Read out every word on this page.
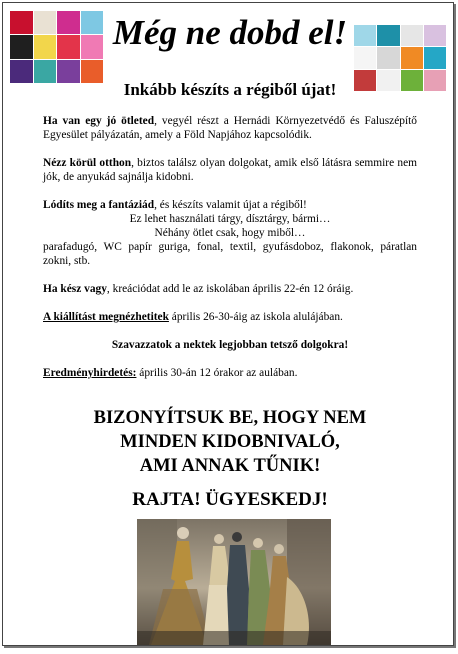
Még ne dobd el!
Inkább készíts a régiből újat!

Ha van egy jó ötleted, vegyél részt a Hernádi Környezetvédő és Faluszépítő Egyesület pályázatán, amely a Föld Napjához kapcsolódik.

Nézz körül otthon, biztos találsz olyan dolgokat, amik első látásra semmire nem jók, de anyukád sajnálja kidobni.

Lódíts meg a fantáziád, és készíts valamit újat a régiből!

Ez lehet használati tárgy, dísztárgy, bármi…

Néhány ötlet csak, hogy miből…

parafadugó, WC papír guriga, fonal, textil, gyufásdoboz, flakonok, páratlan zokni, stb.

Ha kész vagy, kreációdat add le az iskolában április 22-én 12 óráig.

A kiállítást megnézhetitek április 26-30-áig az iskola alulájában.

Szavazzatok a nektek legjobban tetsző dolgokra!

Eredményhirdetés: április 30-án 12 órakor az aulában.

BIZONYÍTSUK BE, HOGY NEM
MINDEN KIDOBNIVALÓ,
AMI ANNAK TŰNIK!
RAJTA! ÜGYESKEDJ!
